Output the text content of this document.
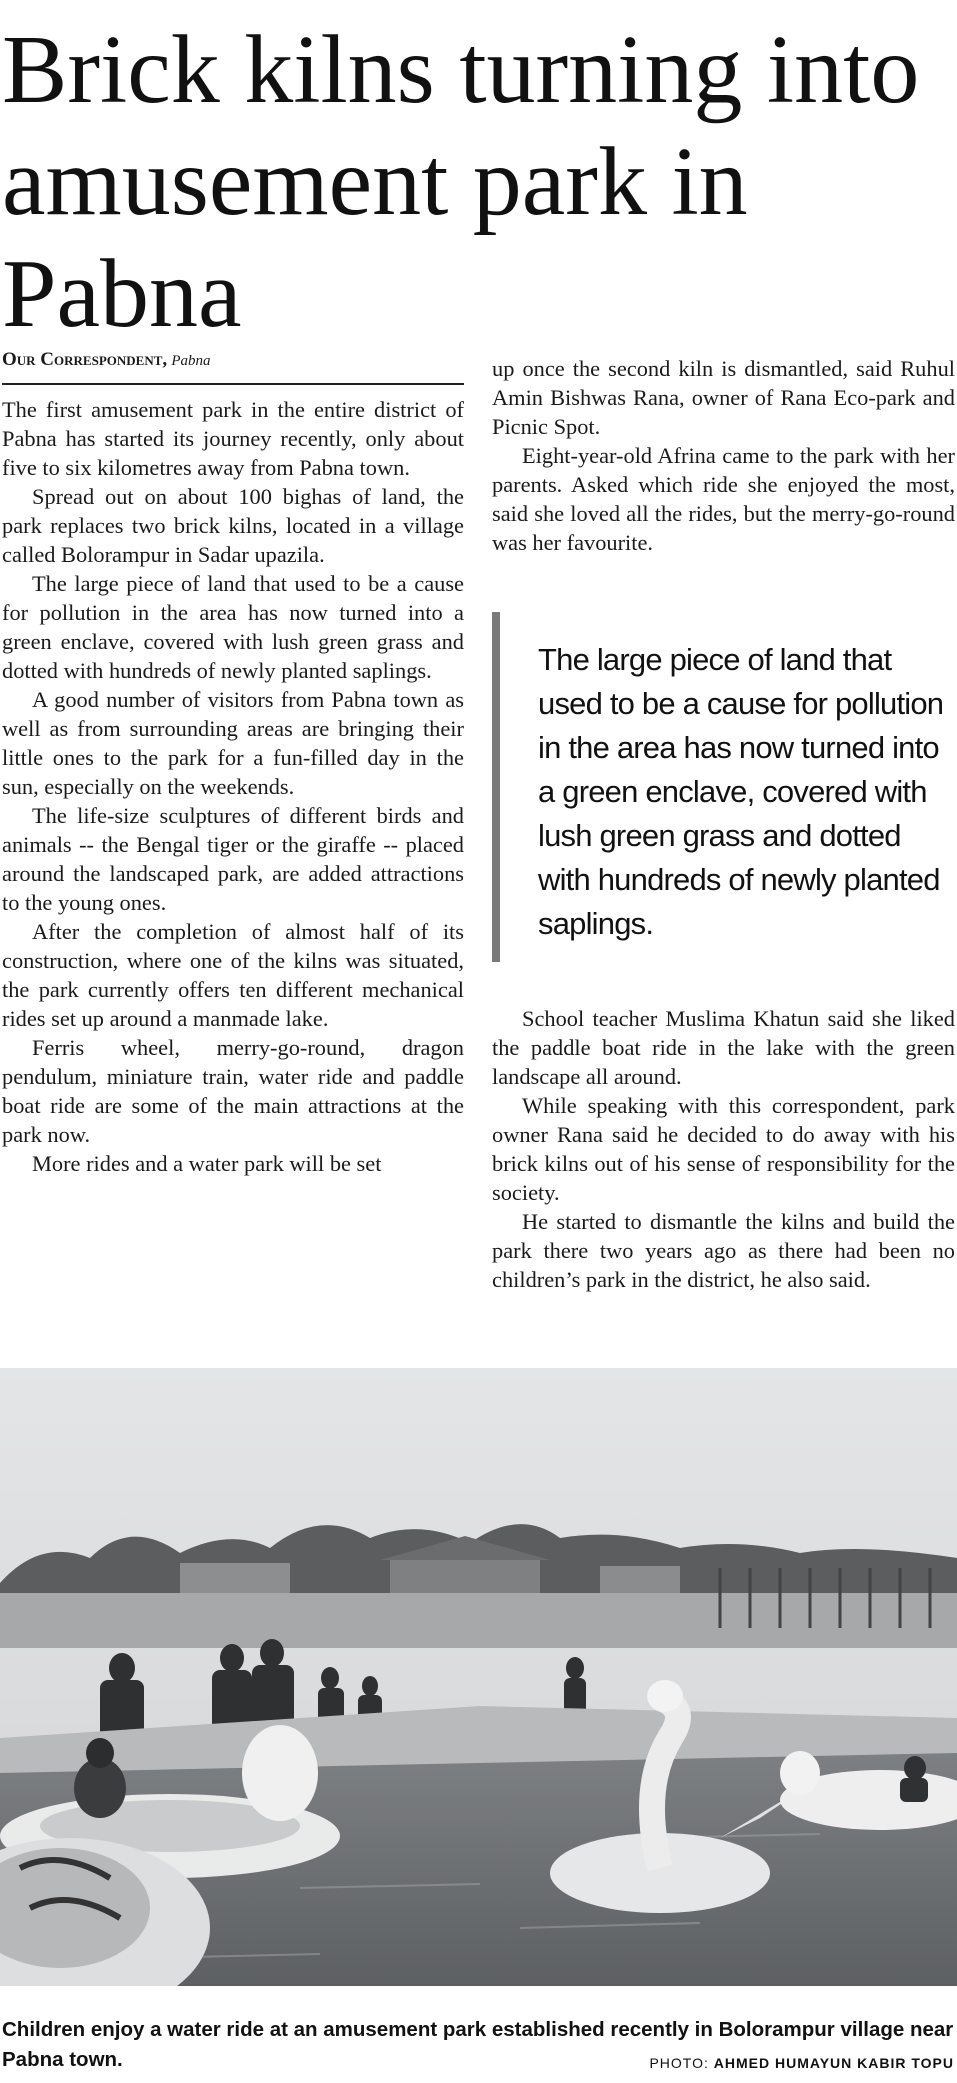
Brick kilns turning into amusement park in Pabna
Our Correspondent, Pabna

The first amusement park in the entire district of Pabna has started its journey recently, only about five to six kilometres away from Pabna town.

Spread out on about 100 bighas of land, the park replaces two brick kilns, located in a village called Bolorampur in Sadar upazila.

The large piece of land that used to be a cause for pollution in the area has now turned into a green enclave, covered with lush green grass and dotted with hundreds of newly planted saplings.

A good number of visitors from Pabna town as well as from surrounding areas are bringing their little ones to the park for a fun-filled day in the sun, especially on the weekends.

The life-size sculptures of different birds and animals -- the Bengal tiger or the giraffe -- placed around the landscaped park, are added attractions to the young ones.

After the completion of almost half of its construction, where one of the kilns was situated, the park currently offers ten different mechanical rides set up around a manmade lake.

Ferris wheel, merry-go-round, dragon pendulum, miniature train, water ride and paddle boat ride are some of the main attractions at the park now.

More rides and a water park will be set

up once the second kiln is dismantled, said Ruhul Amin Bishwas Rana, owner of Rana Eco-park and Picnic Spot.

Eight-year-old Afrina came to the park with her parents. Asked which ride she enjoyed the most, said she loved all the rides, but the merry-go-round was her favourite.

The large piece of land that used to be a cause for pollution in the area has now turned into a green enclave, covered with lush green grass and dotted with hundreds of newly planted saplings.

School teacher Muslima Khatun said she liked the paddle boat ride in the lake with the green landscape all around.

While speaking with this correspondent, park owner Rana said he decided to do away with his brick kilns out of his sense of responsibility for the society.

He started to dismantle the kilns and build the park there two years ago as there had been no children’s park in the district, he also said.

Children enjoy a water ride at an amusement park established recently in Bolorampur village near Pabna town.	PHOTO: AHMED HUMAYUN KABIR TOPU
